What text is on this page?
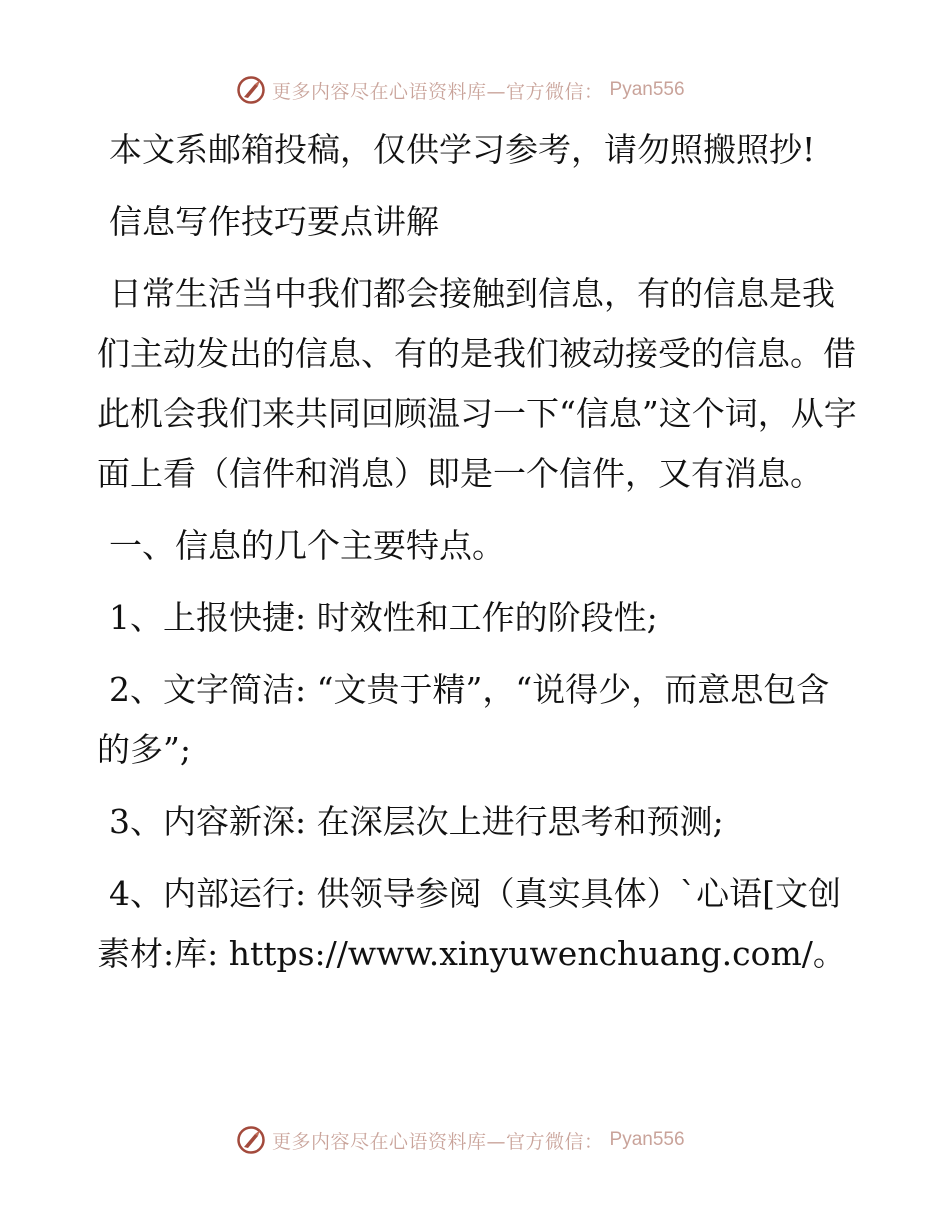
更多内容尽在心语资料库—官方微信： Pyan556

本文系邮箱投稿，仅供学习参考，请勿照搬照抄!

信息写作技巧要点讲解

日常生活当中我们都会接触到信息，有的信息是我们主动发出的信息、有的是我们被动接受的信息。借此机会我们来共同回顾温习一下“信息”这个词，从字面上看（信件和消息）即是一个信件，又有消息。

一、信息的几个主要特点。

1、上报快捷: 时效性和工作的阶段性;

2、文字简洁: “文贵于精”，“说得少，而意思包含的多”;

3、内容新深: 在深层次上进行思考和预测;

4、内部运行: 供领导参阅（真实具体）`心语[文创素材:库: https://www.xinyuwenchuang.com/。

更多内容尽在心语资料库—官方微信： Pyan556
